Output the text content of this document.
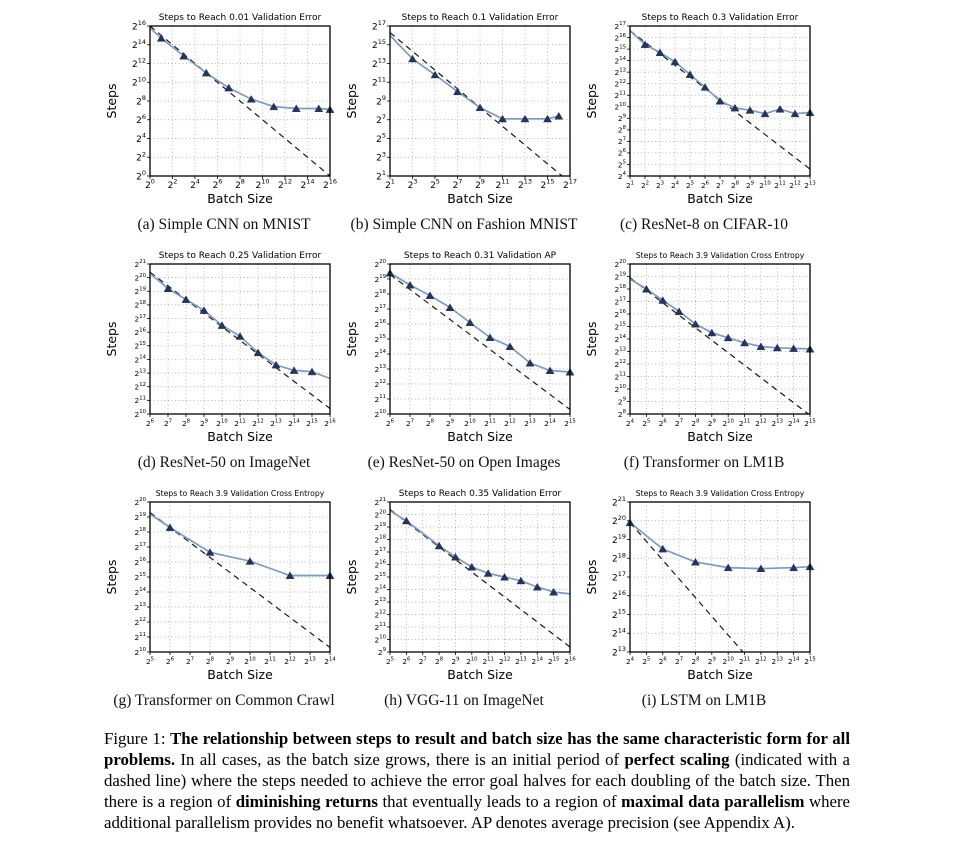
$2^0$ $2^2$ $2^4$ $2^6$ $2^8$ $2^{10}$ $2^{12}$ $2^{14}$ $2^{16}$
$2^0$
$2^2$
$2^4$
$2^6$
$2^8$
$2^{10}$
$2^{12}$
$2^{14}$
$2^{16}$
Steps to Reach 0.01 Validation Error
Batch Size
Steps
(a) Simple CNN on MNIST
$2^1$ $2^3$ $2^5$ $2^7$ $2^9$ $2^{11}$ $2^{13}$ $2^{15}$ $2^{17}$
$2^1$
$2^3$
$2^5$
$2^7$
$2^9$
$2^{11}$
$2^{13}$
$2^{15}$
$2^{17}$
Steps to Reach 0.1 Validation Error
Batch Size
Steps
(b) Simple CNN on Fashion MNIST
$2^1$ $2^2$ $2^3$ $2^4$ $2^5$ $2^6$ $2^7$ $2^8$ $2^9$ $2^{10}$ $2^{11}$ $2^{12}$ $2^{13}$
$2^4$
$2^5$
$2^6$
$2^7$
$2^8$
$2^9$
$2^{10}$
$2^{11}$
$2^{12}$
$2^{13}$
$2^{14}$
$2^{15}$
$2^{16}$
$2^{17}$
Steps to Reach 0.3 Validation Error
Batch Size
Steps
(c) ResNet-8 on CIFAR-10
$2^6$ $2^7$ $2^8$ $2^9$ $2^{10}$ $2^{11}$ $2^{12}$ $2^{13}$ $2^{14}$ $2^{15}$ $2^{16}$
$2^{10}$
$2^{11}$
$2^{12}$
$2^{13}$
$2^{14}$
$2^{15}$
$2^{16}$
$2^{17}$
$2^{18}$
$2^{19}$
$2^{20}$
$2^{21}$
Steps to Reach 0.25 Validation Error
Batch Size
Steps
(d) ResNet-50 on ImageNet
$2^6$ $2^7$ $2^8$ $2^9$ $2^{10}$ $2^{11}$ $2^{12}$ $2^{13}$ $2^{14}$ $2^{15}$
$2^{10}$
$2^{11}$
$2^{12}$
$2^{13}$
$2^{14}$
$2^{15}$
$2^{16}$
$2^{17}$
$2^{18}$
$2^{19}$
$2^{20}$
Steps to Reach 0.31 Validation AP
Batch Size
Steps
(e) ResNet-50 on Open Images
$2^4$ $2^5$ $2^6$ $2^7$ $2^8$ $2^9$ $2^{10}$ $2^{11}$ $2^{12}$ $2^{13}$ $2^{14}$ $2^{15}$
$2^8$
$2^9$
$2^{10}$
$2^{11}$
$2^{12}$
$2^{13}$
$2^{14}$
$2^{15}$
$2^{16}$
$2^{17}$
$2^{18}$
$2^{19}$
$2^{20}$
Steps to Reach 3.9 Validation Cross Entropy
Batch Size
Steps
(f) Transformer on LM1B
$2^5$ $2^6$ $2^7$ $2^8$ $2^9$ $2^{10}$ $2^{11}$ $2^{12}$ $2^{13}$ $2^{14}$
$2^{10}$
$2^{11}$
$2^{12}$
$2^{13}$
$2^{14}$
$2^{15}$
$2^{16}$
$2^{17}$
$2^{18}$
$2^{19}$
$2^{20}$
Steps to Reach 3.9 Validation Cross Entropy
Batch Size
Steps
(g) Transformer on Common Crawl
$2^5$ $2^6$ $2^7$ $2^8$ $2^9$ $2^{10}$ $2^{11}$ $2^{12}$ $2^{13}$ $2^{14}$ $2^{15}$ $2^{16}$
$2^9$
$2^{10}$
$2^{11}$
$2^{12}$
$2^{13}$
$2^{14}$
$2^{15}$
$2^{16}$
$2^{17}$
$2^{18}$
$2^{19}$
$2^{20}$
$2^{21}$
Steps to Reach 0.35 Validation Error
Batch Size
Steps
(h) VGG-11 on ImageNet
$2^4$ $2^5$ $2^6$ $2^7$ $2^8$ $2^9$ $2^{10}$ $2^{11}$ $2^{12}$ $2^{13}$ $2^{14}$ $2^{15}$
$2^{13}$
$2^{14}$
$2^{15}$
$2^{16}$
$2^{17}$
$2^{18}$
$2^{19}$
$2^{20}$
$2^{21}$
Steps to Reach 3.9 Validation Cross Entropy
Batch Size
Steps
(i) LSTM on LM1B
Figure 1: The relationship between steps to result and batch size has the same characteristic form for all problems. In all cases, as the batch size grows, there is an initial period of perfect scaling (indicated with a dashed line) where the steps needed to achieve the error goal halves for each doubling of the batch size. Then there is a region of diminishing returns that eventually leads to a region of maximal data parallelism where additional parallelism provides no benefit whatsoever. AP denotes average precision (see Appendix A).
